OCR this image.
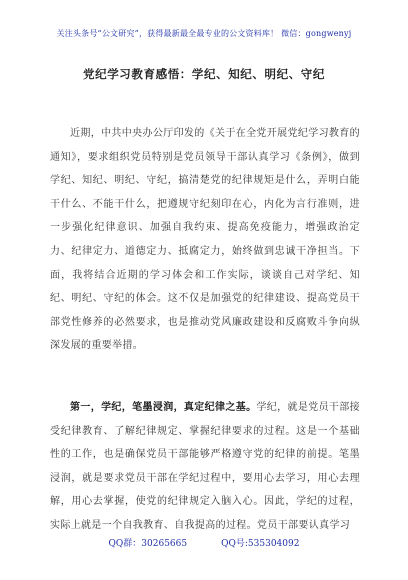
关注头条号“公文研究”，获得最新最全最专业的公文资料库！ 微信：gongwenyj
党纪学习教育感悟：学纪、知纪、明纪、守纪

近期，中共中央办公厅印发的《关于在全党开展党纪学习教育的通知》，要求组织党员特别是党员领导干部认真学习《条例》，做到学纪、知纪、明纪、守纪，搞清楚党的纪律规矩是什么，弄明白能干什么、不能干什么，把遵规守纪刻印在心，内化为言行准则，进一步强化纪律意识、加强自我约束、提高免疫能力，增强政治定力、纪律定力、道德定力、抵腐定力，始终做到忠诚干净担当。下面，我将结合近期的学习体会和工作实际，谈谈自己对学纪、知纪、明纪、守纪的体会。这不仅是加强党的纪律建设、提高党员干部党性修养的必然要求，也是推动党风廉政建设和反腐败斗争向纵深发展的重要举措。

第一，学纪，笔墨浸润，真定纪律之基。学纪，就是党员干部接受纪律教育、了解纪律规定、掌握纪律要求的过程。这是一个基础性的工作，也是确保党员干部能够严格遵守党的纪律的前提。笔墨浸润，就是要求党员干部在学纪过程中，要用心去学习，用心去理解，用心去掌握，使党的纪律规定入脑入心。因此，学纪的过程，实际上就是一个自我教育、自我提高的过程。党员干部要认真学习

QQ群：30265665	QQ号:535304092
